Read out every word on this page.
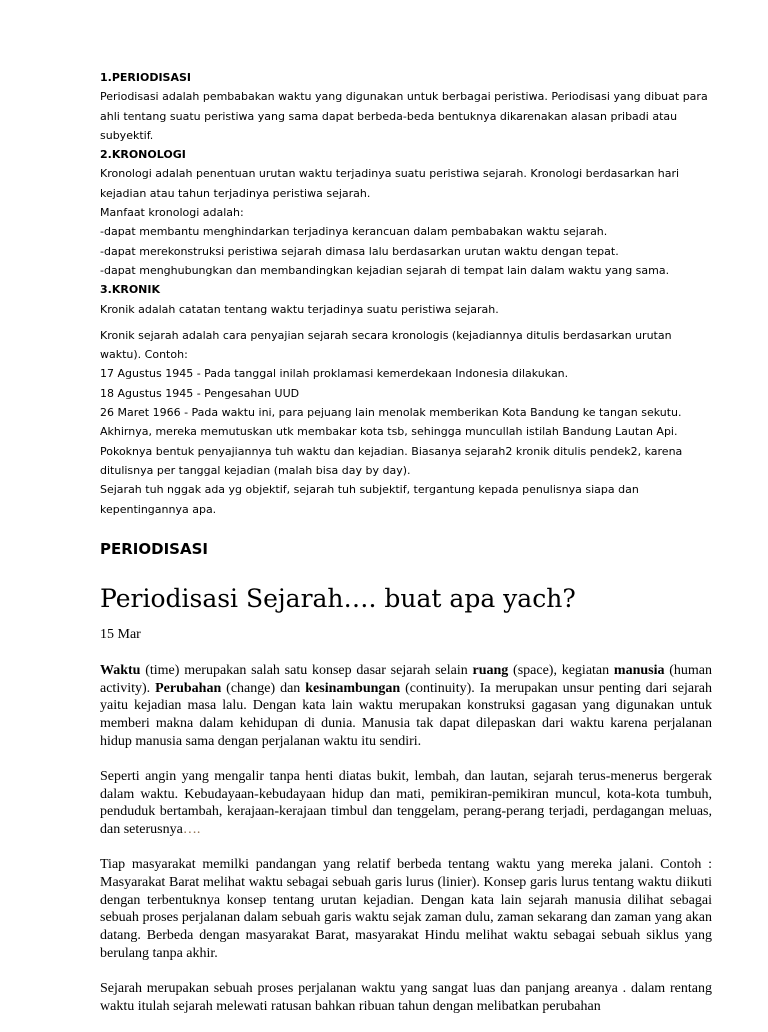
1.PERIODISASI

Periodisasi adalah pembabakan waktu yang digunakan untuk berbagai peristiwa. Periodisasi yang dibuat para ahli tentang suatu peristiwa yang sama dapat berbeda-beda bentuknya dikarenakan alasan pribadi atau subyektif.

2.KRONOLOGI

Kronologi adalah penentuan urutan waktu terjadinya suatu peristiwa sejarah. Kronologi berdasarkan hari kejadian atau tahun terjadinya peristiwa sejarah.

Manfaat kronologi adalah:

-dapat membantu menghindarkan terjadinya kerancuan dalam pembabakan waktu sejarah.

-dapat merekonstruksi peristiwa sejarah dimasa lalu berdasarkan urutan waktu dengan tepat.

-dapat menghubungkan dan membandingkan kejadian sejarah di tempat lain dalam waktu yang sama.

3.KRONIK

Kronik adalah catatan tentang waktu terjadinya suatu peristiwa sejarah.

Kronik sejarah adalah cara penyajian sejarah secara kronologis (kejadiannya ditulis berdasarkan urutan waktu). Contoh:

17 Agustus 1945 - Pada tanggal inilah proklamasi kemerdekaan Indonesia dilakukan.

18 Agustus 1945 - Pengesahan UUD

26 Maret 1966 - Pada waktu ini, para pejuang lain menolak memberikan Kota Bandung ke tangan sekutu. Akhirnya, mereka memutuskan utk membakar kota tsb, sehingga muncullah istilah Bandung Lautan Api.

Pokoknya bentuk penyajiannya tuh waktu dan kejadian. Biasanya sejarah2 kronik ditulis pendek2, karena ditulisnya per tanggal kejadian (malah bisa day by day).

Sejarah tuh nggak ada yg objektif, sejarah tuh subjektif, tergantung kepada penulisnya siapa dan kepentingannya apa.

PERIODISASI
Periodisasi Sejarah…. buat apa yach?

15 Mar

Waktu (time) merupakan salah satu konsep dasar sejarah selain ruang (space), kegiatan manusia (human activity). Perubahan (change) dan kesinambungan (continuity). Ia merupakan unsur penting dari sejarah yaitu kejadian masa lalu. Dengan kata lain waktu merupakan konstruksi gagasan yang digunakan untuk memberi makna dalam kehidupan di dunia. Manusia tak dapat dilepaskan dari waktu karena perjalanan hidup manusia sama dengan perjalanan waktu itu sendiri.

Seperti angin yang mengalir tanpa henti diatas bukit, lembah, dan lautan, sejarah terus-menerus bergerak dalam waktu. Kebudayaan-kebudayaan hidup dan mati, pemikiran-pemikiran muncul, kota-kota tumbuh, penduduk bertambah, kerajaan-kerajaan timbul dan tenggelam, perang-perang terjadi, perdagangan meluas, dan seterusnya….

Tiap masyarakat memilki pandangan yang relatif berbeda tentang waktu yang mereka jalani. Contoh : Masyarakat Barat melihat waktu sebagai sebuah garis lurus (linier). Konsep garis lurus tentang waktu diikuti dengan terbentuknya konsep tentang urutan kejadian. Dengan kata lain sejarah manusia dilihat sebagai sebuah proses perjalanan dalam sebuah garis waktu sejak zaman dulu, zaman sekarang dan zaman yang akan datang. Berbeda dengan masyarakat Barat, masyarakat Hindu melihat waktu sebagai sebuah siklus yang berulang tanpa akhir.

Sejarah merupakan sebuah proses perjalanan waktu yang sangat luas dan panjang areanya . dalam rentang waktu itulah sejarah melewati ratusan bahkan ribuan tahun dengan melibatkan perubahan
